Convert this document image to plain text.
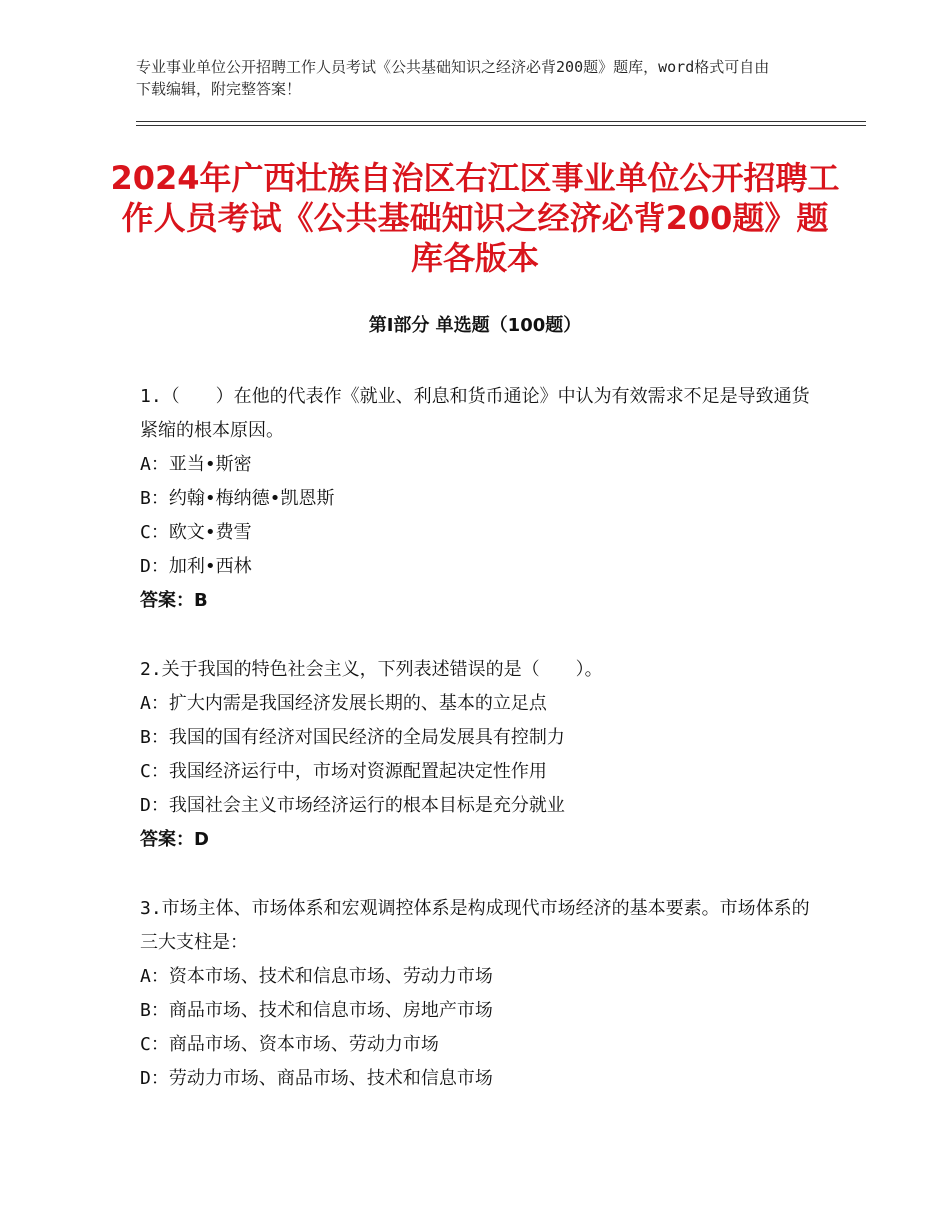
专业事业单位公开招聘工作人员考试《公共基础知识之经济必背200题》题库，word格式可自由下载编辑，附完整答案！
2024年广西壮族自治区右江区事业单位公开招聘工作人员考试《公共基础知识之经济必背200题》题库各版本
第Ⅰ部分 单选题（100题）

1.（　　）在他的代表作《就业、利息和货币通论》中认为有效需求不足是导致通货紧缩的根本原因。

A：亚当•斯密

B：约翰•梅纳德•凯恩斯

C：欧文•费雪

D：加利•西林

答案：B

2.关于我国的特色社会主义，下列表述错误的是（　　）。

A：扩大内需是我国经济发展长期的、基本的立足点

B：我国的国有经济对国民经济的全局发展具有控制力

C：我国经济运行中，市场对资源配置起决定性作用

D：我国社会主义市场经济运行的根本目标是充分就业

答案：D

3.市场主体、市场体系和宏观调控体系是构成现代市场经济的基本要素。市场体系的三大支柱是：

A：资本市场、技术和信息市场、劳动力市场

B：商品市场、技术和信息市场、房地产市场

C：商品市场、资本市场、劳动力市场

D：劳动力市场、商品市场、技术和信息市场
